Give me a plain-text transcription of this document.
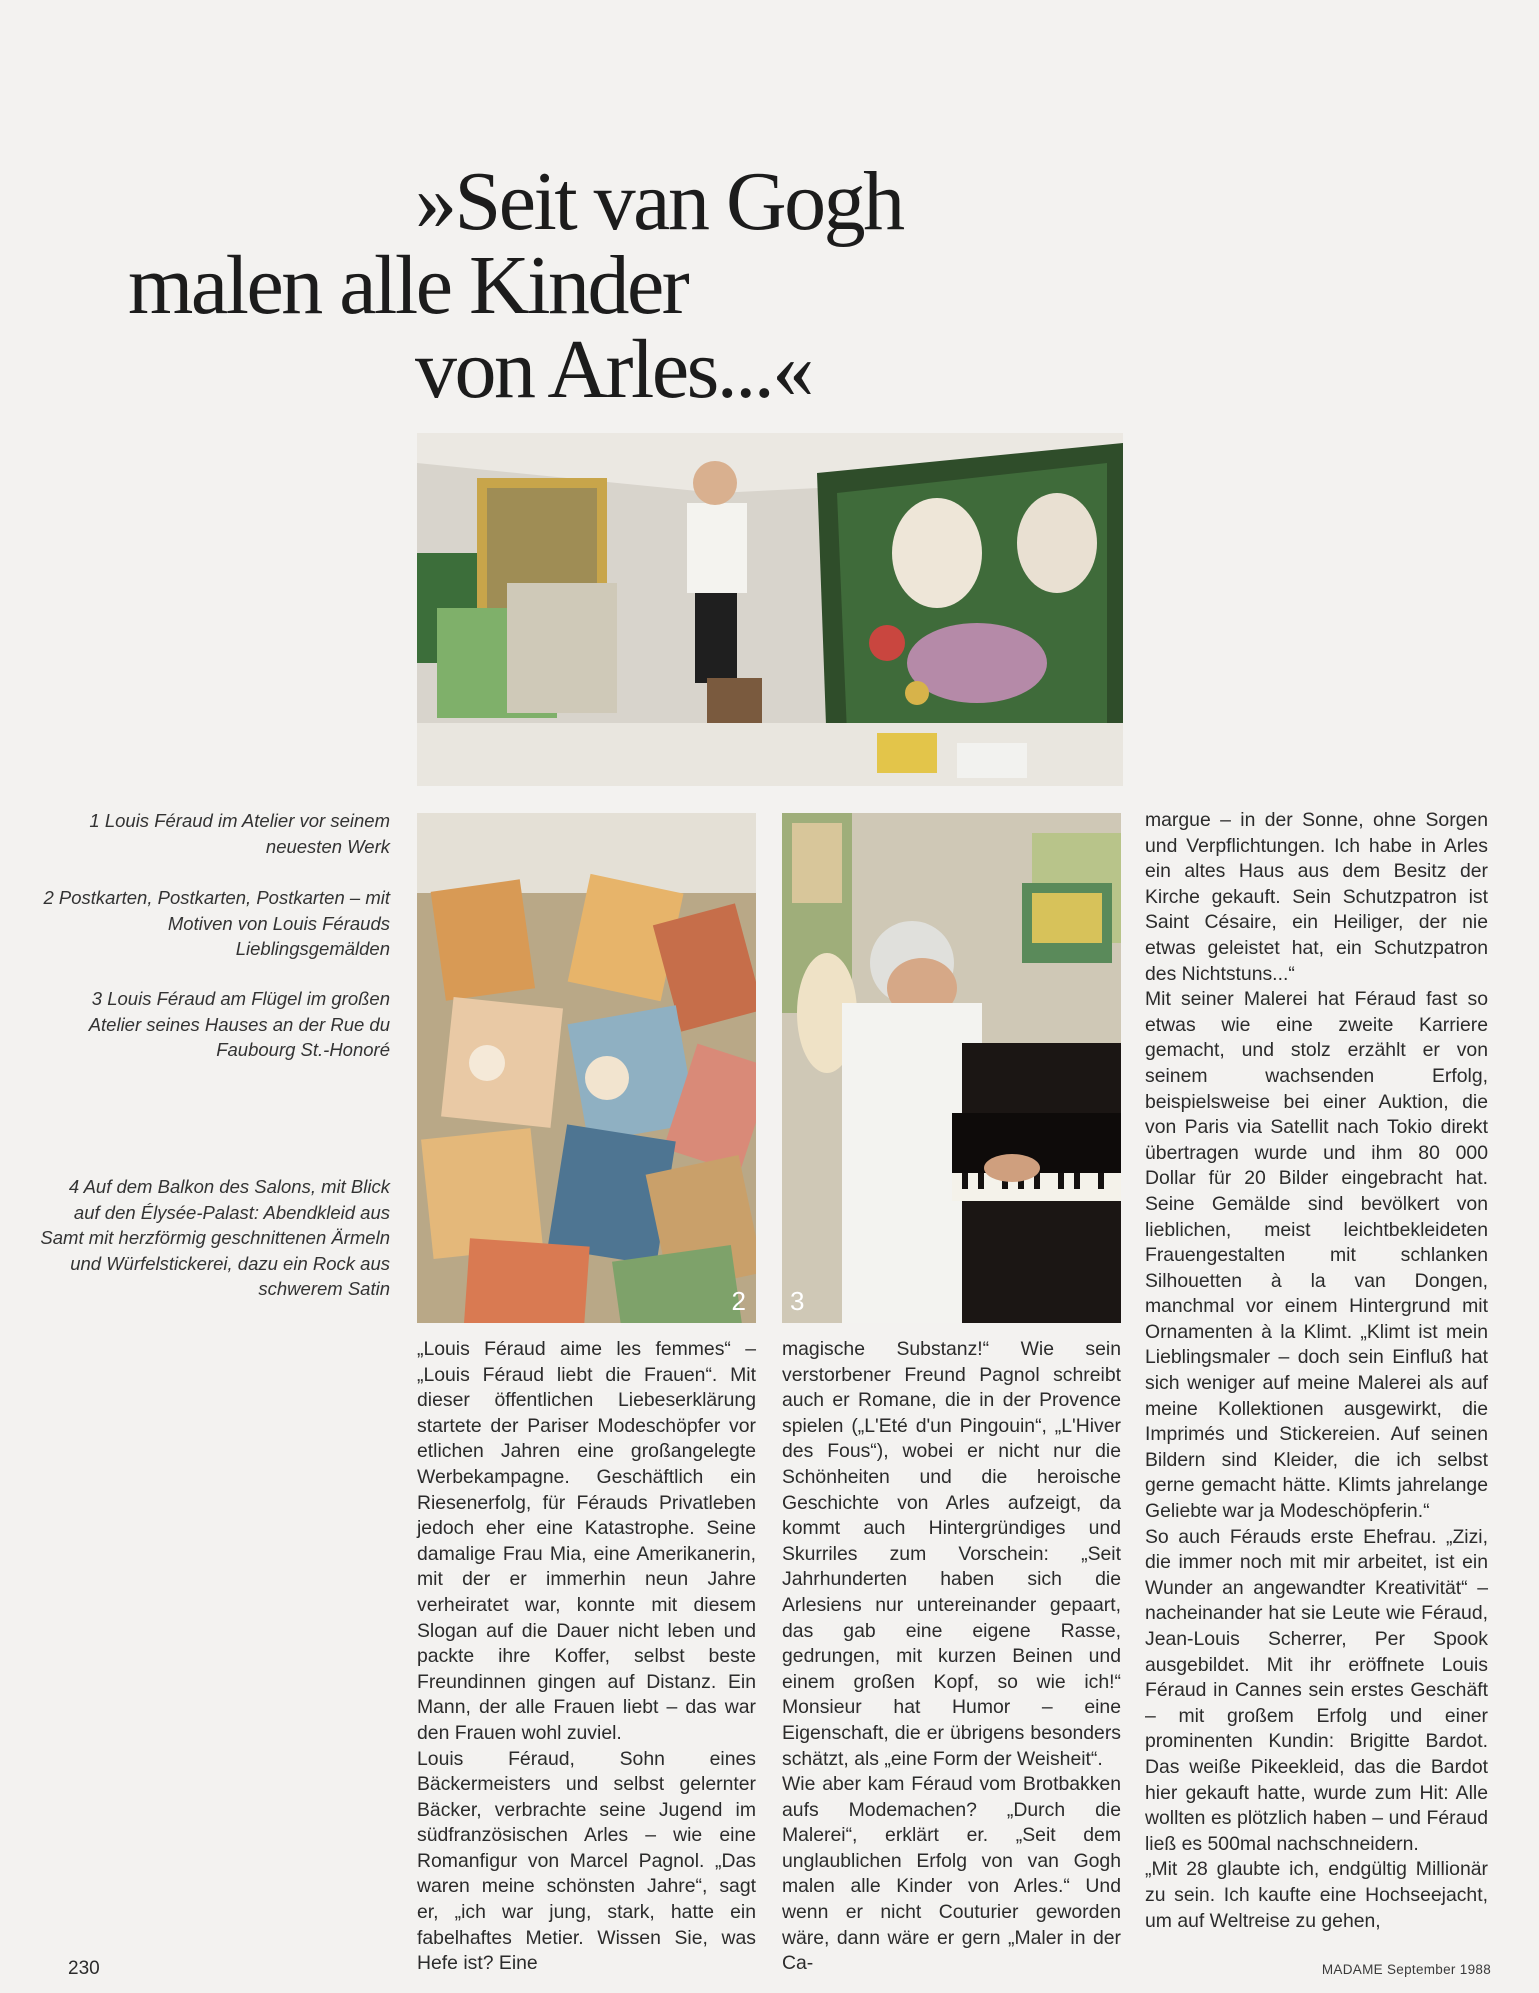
»Seit van Gogh
malen alle Kinder
von Arles...«
2 3

1 Louis Féraud im Atelier vor seinem neuesten Werk

2 Postkarten, Postkarten, Postkarten – mit Motiven von Louis Férauds Lieblingsgemälden

3 Louis Féraud am Flügel im großen Atelier seines Hauses an der Rue du Faubourg St.-Honoré

4 Auf dem Balkon des Salons, mit Blick auf den Élysée-Palast: Abendkleid aus Samt mit herzförmig geschnittenen Ärmeln und Würfelstickerei, dazu ein Rock aus schwerem Satin

„Louis Féraud aime les femmes“ – „Louis Féraud liebt die Frauen“. Mit dieser öffentlichen Liebeserklärung startete der Pariser Modeschöpfer vor etlichen Jahren eine großangelegte Werbekampagne. Geschäftlich ein Riesenerfolg, für Férauds Privatleben jedoch eher eine Katastrophe. Seine damalige Frau Mia, eine Amerikanerin, mit der er immerhin neun Jahre verheiratet war, konnte mit diesem Slogan auf die Dauer nicht leben und packte ihre Koffer, selbst beste Freundinnen gingen auf Distanz. Ein Mann, der alle Frauen liebt – das war den Frauen wohl zuviel.

Louis Féraud, Sohn eines Bäckermeisters und selbst gelernter Bäcker, verbrachte seine Jugend im südfranzösischen Arles – wie eine Romanfigur von Marcel Pagnol. „Das waren meine schönsten Jahre“, sagt er, „ich war jung, stark, hatte ein fabelhaftes Metier. Wissen Sie, was Hefe ist? Eine

magische Substanz!“ Wie sein verstorbener Freund Pagnol schreibt auch er Romane, die in der Provence spielen („L'Eté d'un Pingouin“, „L'Hiver des Fous“), wobei er nicht nur die Schönheiten und die heroische Geschichte von Arles aufzeigt, da kommt auch Hintergründiges und Skurriles zum Vorschein: „Seit Jahrhunderten haben sich die Arlesiens nur untereinander gepaart, das gab eine eigene Rasse, gedrungen, mit kurzen Beinen und einem großen Kopf, so wie ich!“ Monsieur hat Humor – eine Eigenschaft, die er übrigens besonders schätzt, als „eine Form der Weisheit“.

Wie aber kam Féraud vom Brotbakken aufs Modemachen? „Durch die Malerei“, erklärt er. „Seit dem unglaublichen Erfolg von van Gogh malen alle Kinder von Arles.“ Und wenn er nicht Couturier geworden wäre, dann wäre er gern „Maler in der Ca-

margue – in der Sonne, ohne Sorgen und Verpflichtungen. Ich habe in Arles ein altes Haus aus dem Besitz der Kirche gekauft. Sein Schutzpatron ist Saint Césaire, ein Heiliger, der nie etwas geleistet hat, ein Schutzpatron des Nichtstuns...“

Mit seiner Malerei hat Féraud fast so etwas wie eine zweite Karriere gemacht, und stolz erzählt er von seinem wachsenden Erfolg, beispielsweise bei einer Auktion, die von Paris via Satellit nach Tokio direkt übertragen wurde und ihm 80 000 Dollar für 20 Bilder eingebracht hat. Seine Gemälde sind bevölkert von lieblichen, meist leichtbekleideten Frauengestalten mit schlanken Silhouetten à la van Dongen, manchmal vor einem Hintergrund mit Ornamenten à la Klimt. „Klimt ist mein Lieblingsmaler – doch sein Einfluß hat sich weniger auf meine Malerei als auf meine Kollektionen ausgewirkt, die Imprimés und Stickereien. Auf seinen Bildern sind Kleider, die ich selbst gerne gemacht hätte. Klimts jahrelange Geliebte war ja Modeschöpferin.“

So auch Férauds erste Ehefrau. „Zizi, die immer noch mit mir arbeitet, ist ein Wunder an angewandter Kreativität“ – nacheinander hat sie Leute wie Féraud, Jean-Louis Scherrer, Per Spook ausgebildet. Mit ihr eröffnete Louis Féraud in Cannes sein erstes Geschäft – mit großem Erfolg und einer prominenten Kundin: Brigitte Bardot. Das weiße Pikeekleid, das die Bardot hier gekauft hatte, wurde zum Hit: Alle wollten es plötzlich haben – und Féraud ließ es 500mal nachschneidern.

„Mit 28 glaubte ich, endgültig Millionär zu sein. Ich kaufte eine Hochseejacht, um auf Weltreise zu gehen,

230	MADAME September 1988
